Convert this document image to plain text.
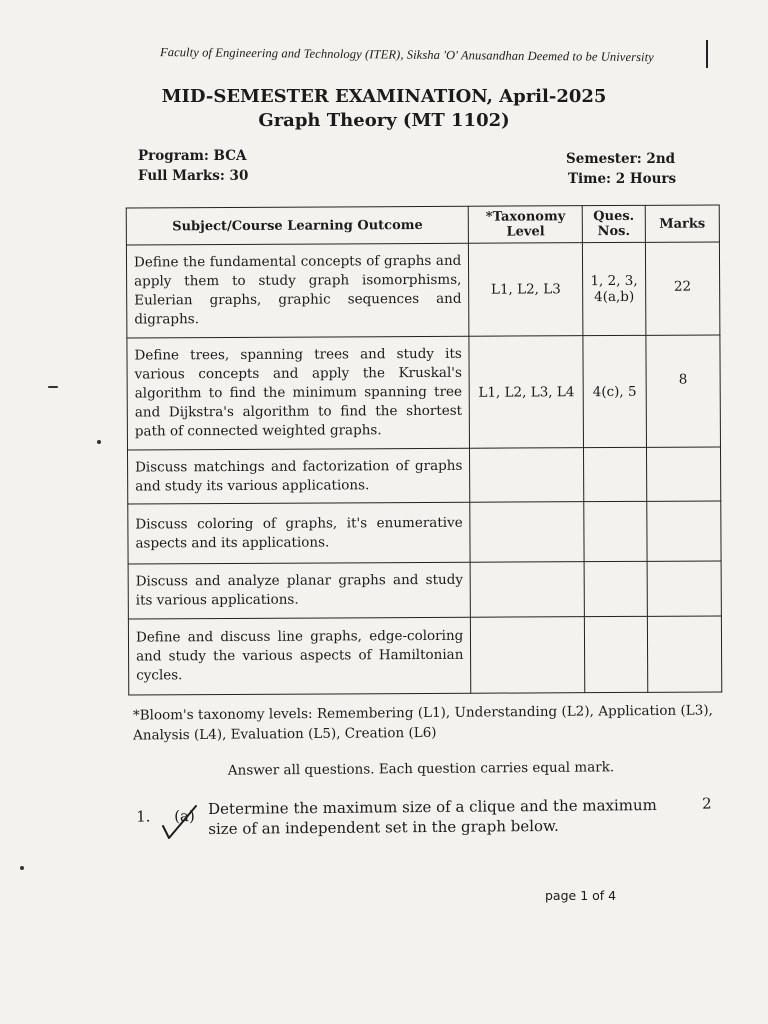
Faculty of Engineering and Technology (ITER), Siksha 'O' Anusandhan Deemed to be University
MID-SEMESTER EXAMINATION, April-2025
Graph Theory (MT 1102)
Program: BCA
Full Marks: 30
Semester: 2nd
Time: 2 Hours
Subject/Course Learning Outcome	*Taxonomy Level	Ques. Nos.	Marks
Define the fundamental concepts of graphs and apply them to study graph isomorphisms, Eulerian graphs, graphic sequences and digraphs.	L1, L2, L3	1, 2, 3, 4(a,b)	22
Define trees, spanning trees and study its various concepts and apply the Kruskal's algorithm to find the minimum spanning tree and Dijkstra's algorithm to find the shortest path of connected weighted graphs.	L1, L2, L3, L4	4(c), 5	8
Discuss matchings and factorization of graphs and study its various applications.			
Discuss coloring of graphs, it's enumerative aspects and its applications.			
Discuss and analyze planar graphs and study its various applications.			
Define and discuss line graphs, edge-coloring and study the various aspects of Hamiltonian cycles.			
*Bloom's taxonomy levels: Remembering (L1), Understanding (L2), Application (L3), Analysis (L4), Evaluation (L5), Creation (L6)
Answer all questions. Each question carries equal mark.
1. (a) Determine the maximum size of a clique and the maximum size of an independent set in the graph below.
2
page 1 of 4
